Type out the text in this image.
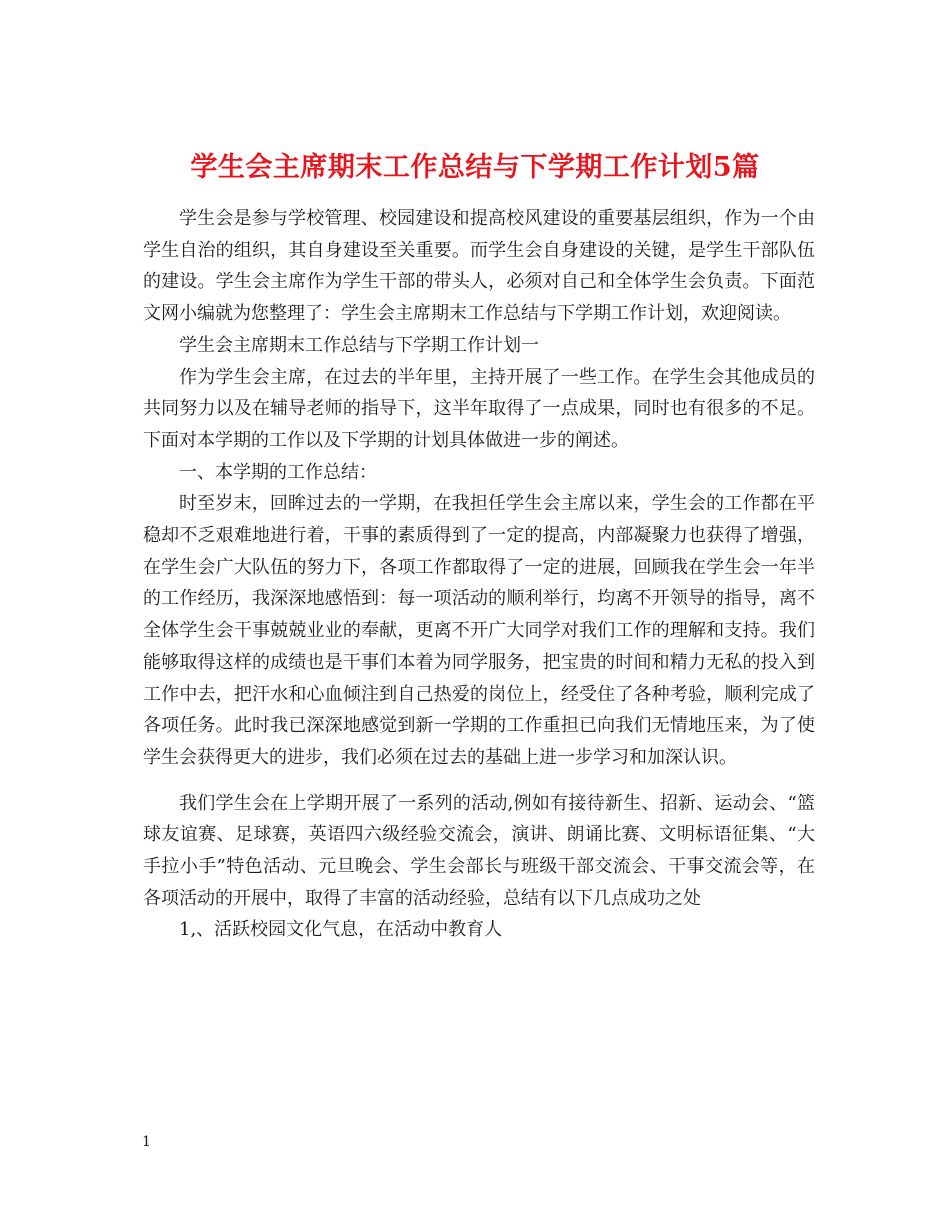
学生会主席期末工作总结与下学期工作计划5篇

学生会是参与学校管理、校园建设和提高校风建设的重要基层组织，作为一个由学生自治的组织，其自身建设至关重要。而学生会自身建设的关键，是学生干部队伍的建设。学生会主席作为学生干部的带头人，必须对自己和全体学生会负责。下面范文网小编就为您整理了：学生会主席期末工作总结与下学期工作计划，欢迎阅读。

学生会主席期末工作总结与下学期工作计划一

作为学生会主席，在过去的半年里，主持开展了一些工作。在学生会其他成员的共同努力以及在辅导老师的指导下，这半年取得了一点成果，同时也有很多的不足。下面对本学期的工作以及下学期的计划具体做进一步的阐述。

一、本学期的工作总结：

时至岁末，回眸过去的一学期，在我担任学生会主席以来，学生会的工作都在平稳却不乏艰难地进行着，干事的素质得到了一定的提高，内部凝聚力也获得了增强，在学生会广大队伍的努力下，各项工作都取得了一定的进展，回顾我在学生会一年半的工作经历，我深深地感悟到：每一项活动的顺利举行，均离不开领导的指导，离不全体学生会干事兢兢业业的奉献，更离不开广大同学对我们工作的理解和支持。我们能够取得这样的成绩也是干事们本着为同学服务，把宝贵的时间和精力无私的投入到工作中去，把汗水和心血倾注到自己热爱的岗位上，经受住了各种考验，顺利完成了各项任务。此时我已深深地感觉到新一学期的工作重担已向我们无情地压来，为了使学生会获得更大的进步，我们必须在过去的基础上进一步学习和加深认识。

我们学生会在上学期开展了一系列的活动,例如有接待新生、招新、运动会、“篮球友谊赛、足球赛，英语四六级经验交流会，演讲、朗诵比赛、文明标语征集、“大手拉小手”特色活动、元旦晚会、学生会部长与班级干部交流会、干事交流会等，在各项活动的开展中，取得了丰富的活动经验，总结有以下几点成功之处

1,、活跃校园文化气息，在活动中教育人

1
